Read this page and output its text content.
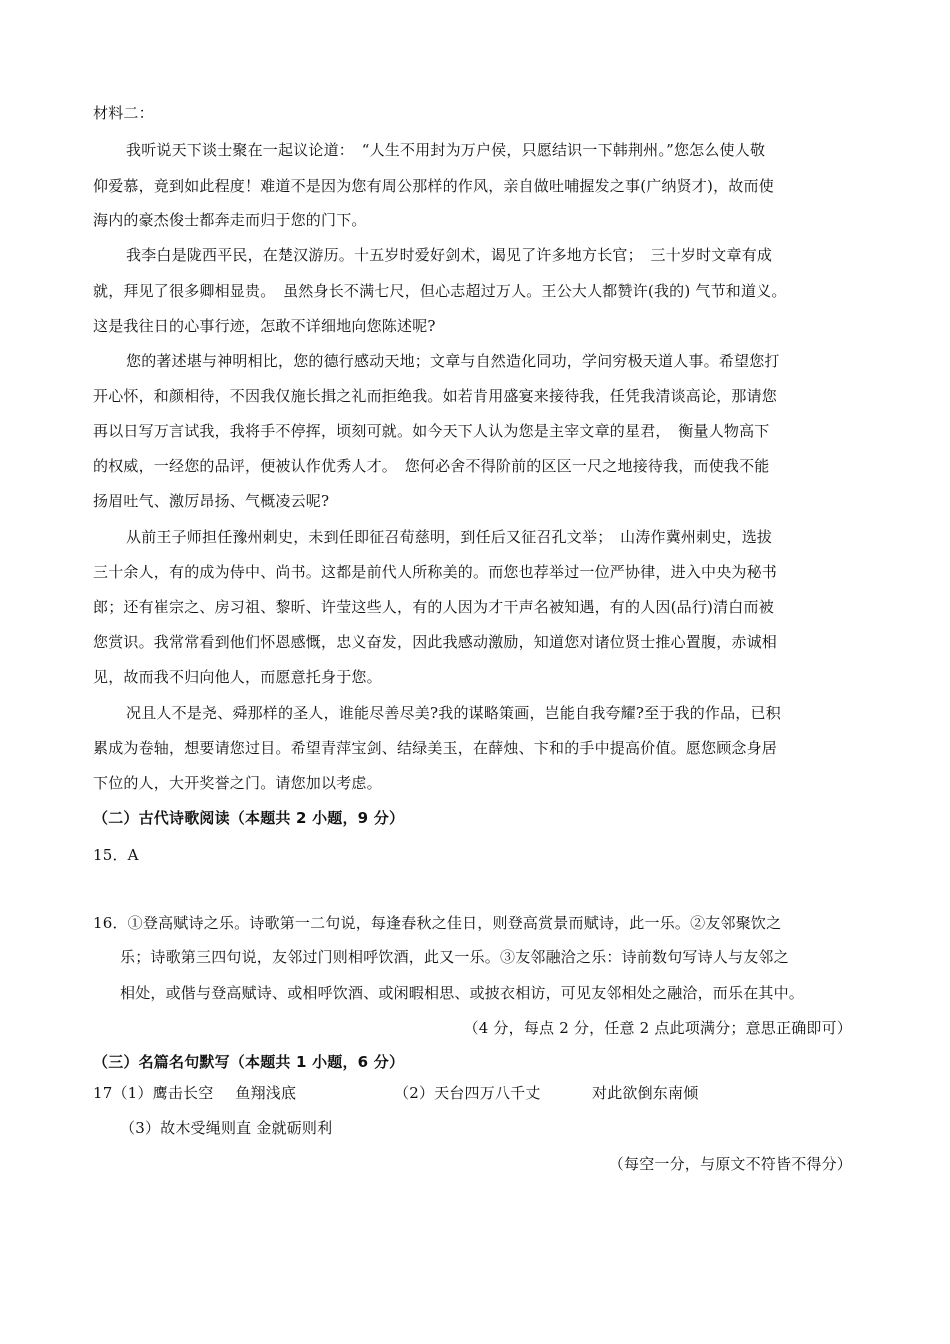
材料二：
我听说天下谈士聚在一起议论道：　“人生不用封为万户侯，只愿结识一下韩荆州。”您怎么使人敬
仰爱慕，竟到如此程度！难道不是因为您有周公那样的作风，亲自做吐哺握发之事(广纳贤才)，故而使
海内的豪杰俊士都奔走而归于您的门下。
我李白是陇西平民，在楚汉游历。十五岁时爱好剑术，谒见了许多地方长官；　三十岁时文章有成
就，拜见了很多卿相显贵。　虽然身长不满七尺，但心志超过万人。王公大人都赞许(我的) 气节和道义。
这是我往日的心事行迹，怎敢不详细地向您陈述呢?
您的著述堪与神明相比，您的德行感动天地；文章与自然造化同功，学问穷极天道人事。希望您打
开心怀，和颜相待，不因我仅施长揖之礼而拒绝我。如若肯用盛宴来接待我，任凭我清谈高论，那请您
再以日写万言试我，我将手不停挥，顷刻可就。如今天下人认为您是主宰文章的星君，　衡量人物高下
的权威，一经您的品评，便被认作优秀人才。　您何必舍不得阶前的区区一尺之地接待我，而使我不能
扬眉吐气、激厉昂扬、气概凌云呢?
从前王子师担任豫州刺史，未到任即征召荀慈明，到任后又征召孔文举；　山涛作冀州刺史，选拔
三十余人，有的成为侍中、尚书。这都是前代人所称美的。而您也荐举过一位严协律，进入中央为秘书
郎；还有崔宗之、房习祖、黎昕、许莹这些人，有的人因为才干声名被知遇，有的人因(品行)清白而被
您赏识。我常常看到他们怀恩感慨，忠义奋发，因此我感动激励，知道您对诸位贤士推心置腹，赤诚相
见，故而我不归向他人，而愿意托身于您。
况且人不是尧、舜那样的圣人，谁能尽善尽美?我的谋略策画，岂能自我夸耀?至于我的作品，已积
累成为卷轴，想要请您过目。希望青萍宝剑、结绿美玉，在薛烛、卞和的手中提高价值。愿您顾念身居
下位的人，大开奖誉之门。请您加以考虑。
（二）古代诗歌阅读（本题共 2 小题，9 分）
15．A
16．①登高赋诗之乐。诗歌第一二句说，每逢春秋之佳日，则登高赏景而赋诗，此一乐。②友邻聚饮之
乐；诗歌第三四句说，友邻过门则相呼饮酒，此又一乐。③友邻融洽之乐：诗前数句写诗人与友邻之
相处，或偕与登高赋诗、或相呼饮酒、或闲暇相思、或披衣相访，可见友邻相处之融洽，而乐在其中。
（4 分，每点 2 分，任意 2 点此项满分；意思正确即可）
（三）名篇名句默写（本题共 1 小题，6 分）
17（1）鹰击长空 鱼翔浅底	（2）天台四万八千丈	对此欲倒东南倾
（3）故木受绳则直 金就砺则利
（每空一分，与原文不符皆不得分）
